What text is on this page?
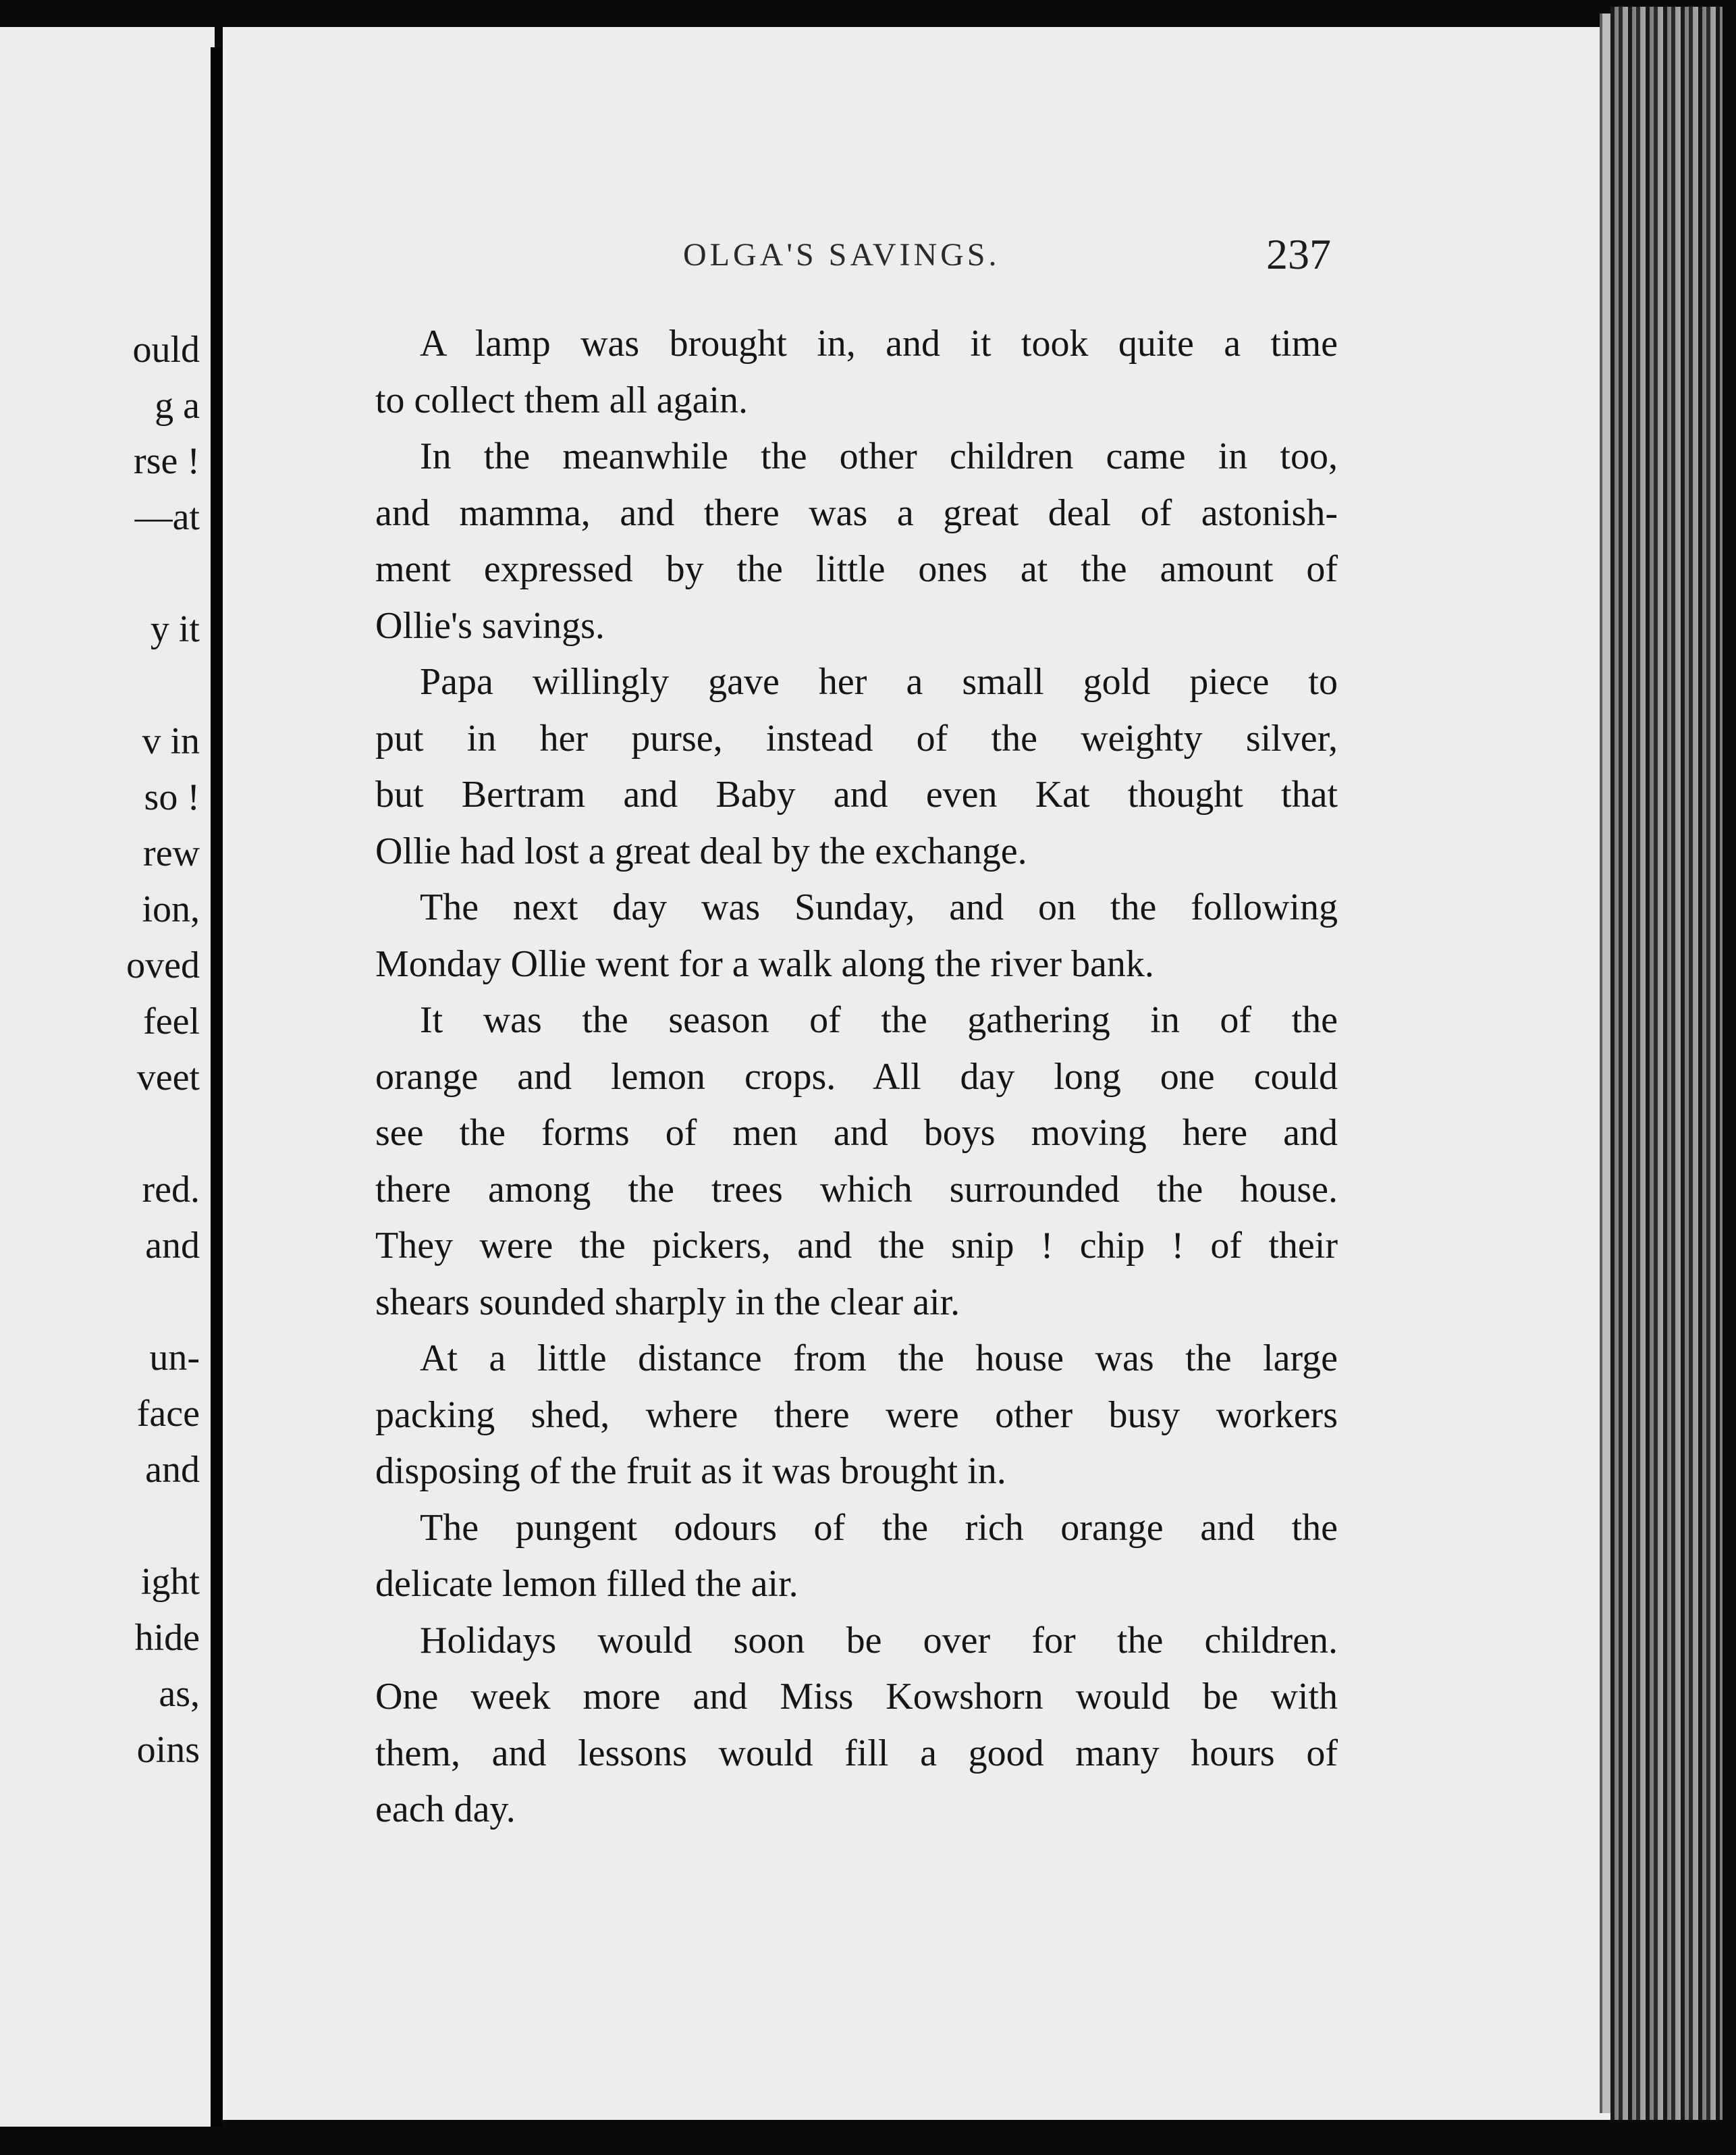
ould
g a
rse !
—at
y it
v in
so !
rew
ion,
oved
feel
veet
red.
and
un-
face
and
ight
hide
as,
oins
OLGA'S SAVINGS.	237
A lamp was brought in, and it took quite a time
to collect them all again.
In the meanwhile the other children came in too,
and mamma, and there was a great deal of astonish-
ment expressed by the little ones at the amount of
Ollie's savings.
Papa willingly gave her a small gold piece to
put in her purse, instead of the weighty silver,
but Bertram and Baby and even Kat thought that
Ollie had lost a great deal by the exchange.
The next day was Sunday, and on the following
Monday Ollie went for a walk along the river bank.
It was the season of the gathering in of the
orange and lemon crops. All day long one could
see the forms of men and boys moving here and
there among the trees which surrounded the house.
They were the pickers, and the snip ! chip ! of their
shears sounded sharply in the clear air.
At a little distance from the house was the large
packing shed, where there were other busy workers
disposing of the fruit as it was brought in.
The pungent odours of the rich orange and the
delicate lemon filled the air.
Holidays would soon be over for the children.
One week more and Miss Kowshorn would be with
them, and lessons would fill a good many hours of
each day.
